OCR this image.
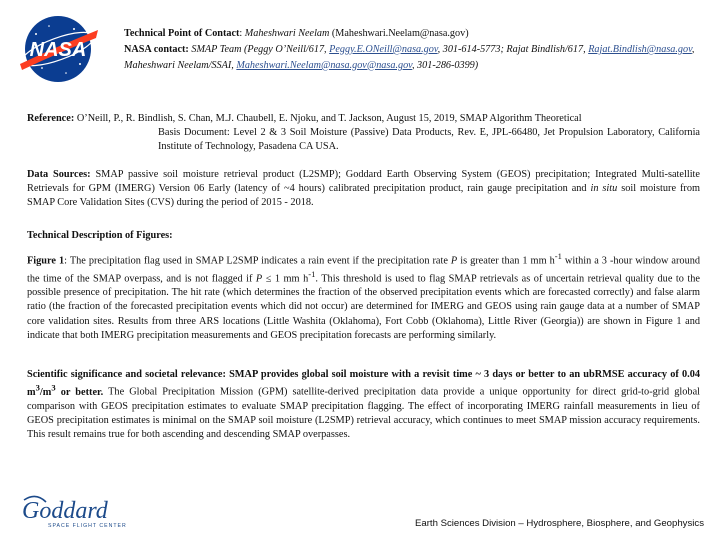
NASA
Technical Point of Contact: Maheshwari Neelam (Maheshwari.Neelam@nasa.gov)
NASA contact: SMAP Team (Peggy O’Neill/617, Peggy.E.ONeill@nasa.gov, 301-614-5773; Rajat Bindlish/617, Rajat.Bindlish@nasa.gov, Maheshwari Neelam/SSAI, Maheshwari.Neelam@nasa.gov@nasa.gov, 301-286-0399)
Reference: O’Neill, P., R. Bindlish, S. Chan, M.J. Chaubell, E. Njoku, and T. Jackson, August 15, 2019, SMAP Algorithm Theoretical
Basis Document: Level 2 & 3 Soil Moisture (Passive) Data Products, Rev. E, JPL-66480, Jet Propulsion Laboratory, California Institute of Technology, Pasadena CA USA.
Data Sources: SMAP passive soil moisture retrieval product (L2SMP); Goddard Earth Observing System (GEOS) precipitation; Integrated Multi-satellite Retrievals for GPM (IMERG) Version 06 Early (latency of ~4 hours) calibrated precipitation product, rain gauge precipitation and in situ soil moisture from SMAP Core Validation Sites (CVS) during the period of 2015 - 2018.
Technical Description of Figures:
Figure 1: The precipitation flag used in SMAP L2SMP indicates a rain event if the precipitation rate P is greater than 1 mm $h^{-1}$ within a 3 -hour window around the time of the SMAP overpass, and is not flagged if P ≤ 1 mm $h^{-1}$. This threshold is used to flag SMAP retrievals as of uncertain retrieval quality due to the possible presence of precipitation. The hit rate (which determines the fraction of the observed precipitation events which are forecasted correctly) and false alarm ratio (the fraction of the forecasted precipitation events which did not occur) are determined for IMERG and GEOS using rain gauge data at a number of SMAP core validation sites. Results from three ARS locations (Little Washita (Oklahoma), Fort Cobb (Oklahoma), Little River (Georgia)) are shown in Figure 1 and indicate that both IMERG precipitation measurements and GEOS precipitation forecasts are performing similarly.
Scientific significance and societal relevance: SMAP provides global soil moisture with a revisit time ~ 3 days or better to an ubRMSE accuracy of 0.04 $m^3/m^3$ or better. The Global Precipitation Mission (GPM) satellite-derived precipitation data provide a unique opportunity for direct grid-to-grid global comparison with GEOS precipitation estimates to evaluate SMAP precipitation flagging. The effect of incorporating IMERG rainfall measurements in lieu of GEOS precipitation estimates is minimal on the SMAP soil moisture (L2SMP) retrieval accuracy, which continues to meet SMAP mission accuracy requirements. This result remains true for both ascending and descending SMAP overpasses.
Goddard
SPACE FLIGHT CENTER	Earth Sciences Division – Hydrosphere, Biosphere, and Geophysics
